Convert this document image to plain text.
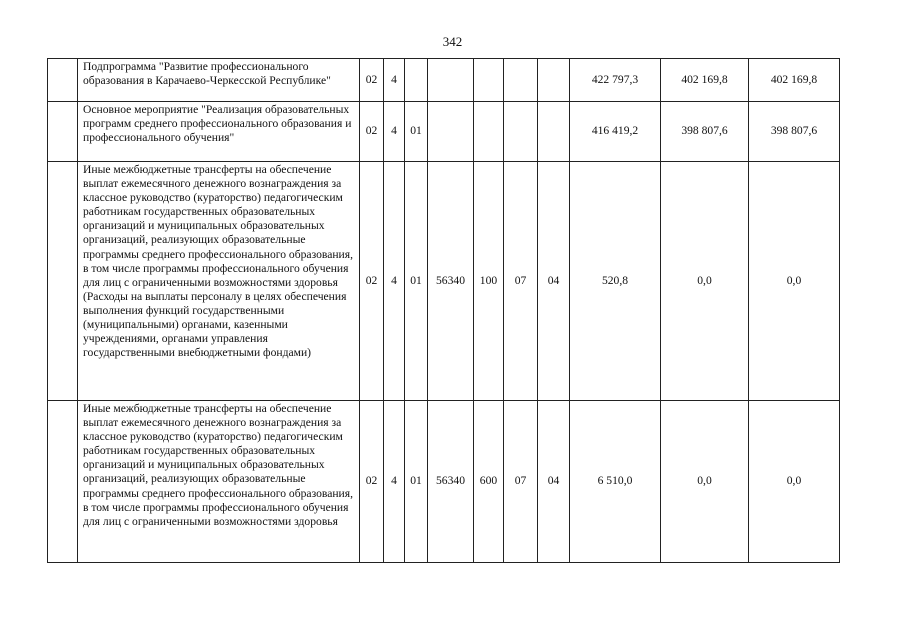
342
	Подпрограмма "Развитие профессионального образования в Карачаево-Черкесской Республике"	02	4						422 797,3	402 169,8	402 169,8
	Основное мероприятие "Реализация образовательных программ среднего профессионального образования и профессионального обучения"	02	4	01					416 419,2	398 807,6	398 807,6
	Иные межбюджетные трансферты на обеспечение выплат ежемесячного денежного вознаграждения за классное руководство (кураторство) педагогическим работникам государственных образовательных организаций и муниципальных образовательных организаций, реализующих образовательные программы среднего профессионального образования, в том числе программы профессионального обучения для лиц с ограниченными возможностями здоровья (Расходы на выплаты персоналу в целях обеспечения выполнения функций государственными (муниципальными) органами, казенными учреждениями, органами управления государственными внебюджетными фондами)	02	4	01	56340	100	07	04	520,8	0,0	0,0
	Иные межбюджетные трансферты на обеспечение выплат ежемесячного денежного вознаграждения за классное руководство (кураторство) педагогическим работникам государственных образовательных организаций и муниципальных образовательных организаций, реализующих образовательные программы среднего профессионального образования, в том числе программы профессионального обучения для лиц с ограниченными возможностями здоровья	02	4	01	56340	600	07	04	6 510,0	0,0	0,0
